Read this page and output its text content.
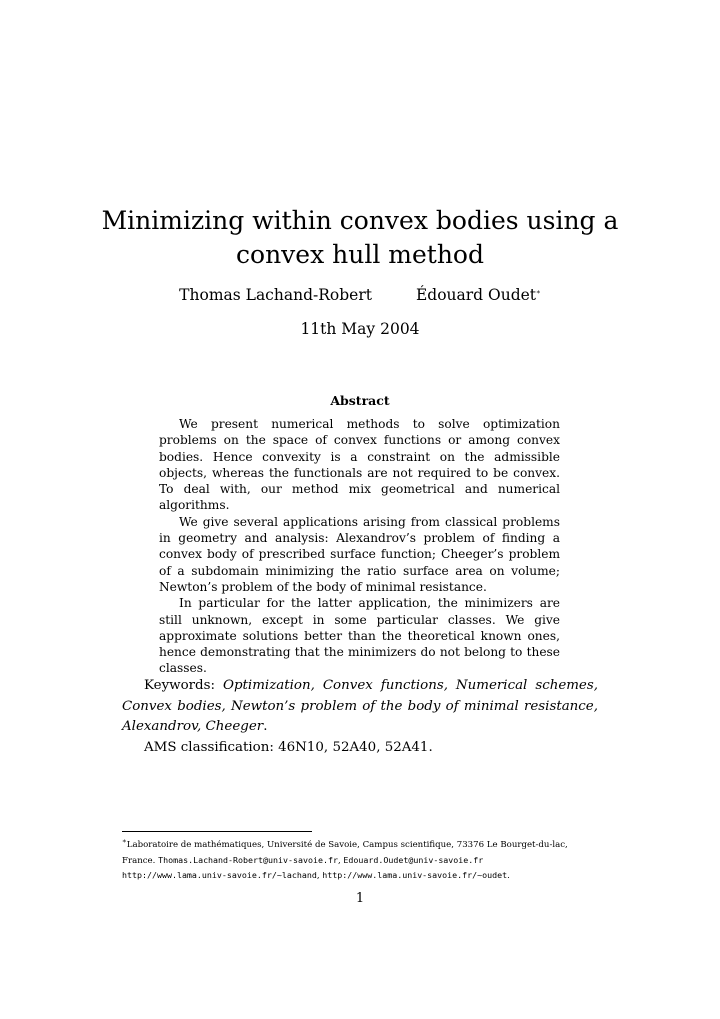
Minimizing within convex bodies using a
convex hull method
Thomas Lachand-Robert	Édouard Oudet∗
11th May 2004
Abstract

We present numerical methods to solve optimization problems on the space of convex functions or among convex bodies. Hence convexity is a constraint on the admissible objects, whereas the functionals are not required to be convex. To deal with, our method mix geometrical and numerical algorithms.

We give several applications arising from classical problems in geometry and analysis: Alexandrov’s problem of finding a convex body of prescribed surface function; Cheeger’s problem of a subdomain minimizing the ratio surface area on volume; Newton’s problem of the body of minimal resistance.

In particular for the latter application, the minimizers are still unknown, except in some particular classes. We give approximate solutions better than the theoretical known ones, hence demonstrating that the minimizers do not belong to these classes.

Keywords: Optimization, Convex functions, Numerical schemes, Convex bodies, Newton’s problem of the body of minimal resistance, Alexandrov, Cheeger.

AMS classification: 46N10, 52A40, 52A41.

∗Laboratoire de mathématiques, Université de Savoie, Campus scientifique, 73376 Le Bourget-du-lac, France. Thomas.Lachand-Robert@univ-savoie.fr, Edouard.Oudet@univ-savoie.fr
http://www.lama.univ-savoie.fr/~lachand, http://www.lama.univ-savoie.fr/~oudet.
1
